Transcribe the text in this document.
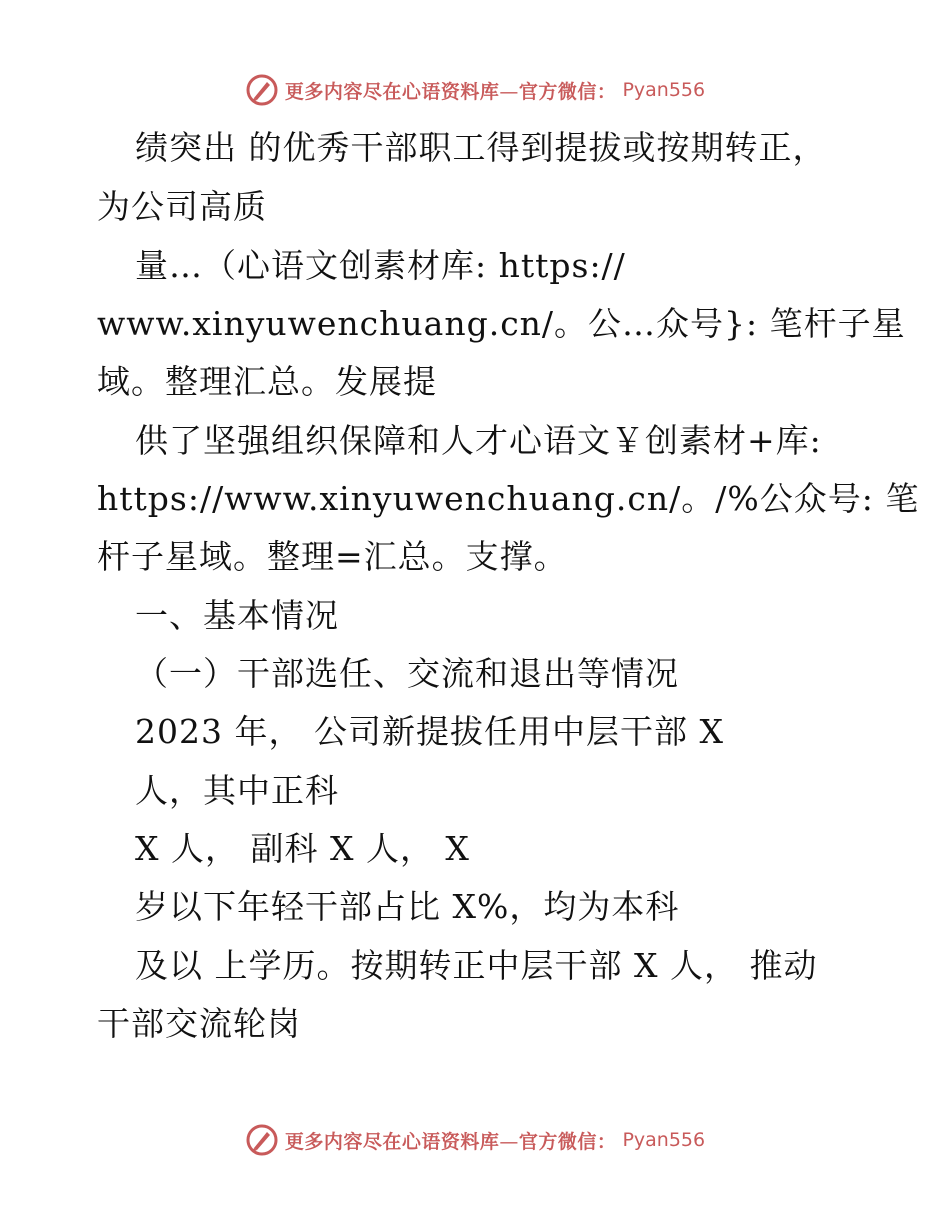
更多内容尽在心语资料库—官方微信： Pyan556
绩突出 的优秀干部职工得到提拔或按期转正，
为公司高质
量…（心语文创素材库: https://
www.xinyuwenchuang.cn/。公…众号}: 笔杆子星
域。整理汇总。发展提
供了坚强组织保障和人才心语文￥创素材+库:
https://www.xinyuwenchuang.cn/。/%公众号: 笔
杆子星域。整理=汇总。支撑。
一、基本情况
（一）干部选任、交流和退出等情况
2023 年， 公司新提拔任用中层干部 X
人，其中正科
X 人， 副科 X 人， X
岁以下年轻干部占比 X%，均为本科
及以 上学历。按期转正中层干部 X 人， 推动
干部交流轮岗
更多内容尽在心语资料库—官方微信： Pyan556
